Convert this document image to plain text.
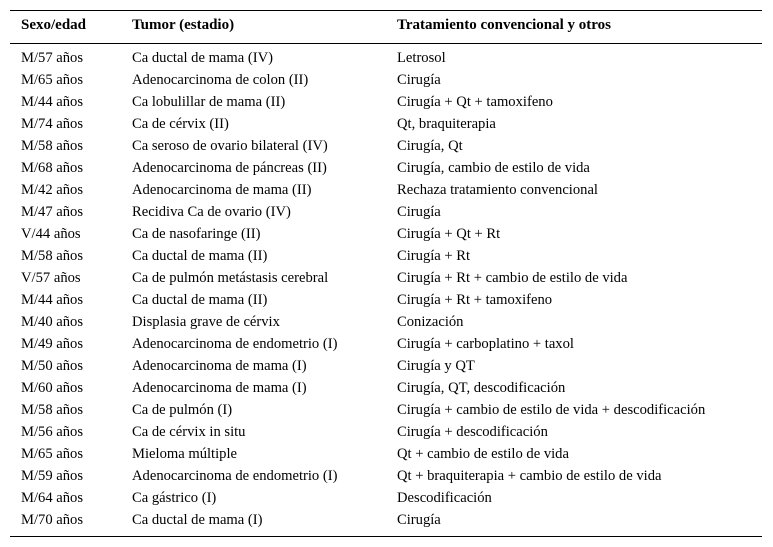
Sexo/edad	Tumor (estadio)	Tratamiento convencional y otros
M/57 años	Ca ductal de mama (IV)	Letrosol
M/65 años	Adenocarcinoma de colon (II)	Cirugía
M/44 años	Ca lobulillar de mama (II)	Cirugía + Qt + tamoxifeno
M/74 años	Ca de cérvix (II)	Qt, braquiterapia
M/58 años	Ca seroso de ovario bilateral (IV)	Cirugía, Qt
M/68 años	Adenocarcinoma de páncreas (II)	Cirugía, cambio de estilo de vida
M/42 años	Adenocarcinoma de mama (II)	Rechaza tratamiento convencional
M/47 años	Recidiva Ca de ovario (IV)	Cirugía
V/44 años	Ca de nasofaringe (II)	Cirugía + Qt + Rt
M/58 años	Ca ductal de mama (II)	Cirugía + Rt
V/57 años	Ca de pulmón metástasis cerebral	Cirugía + Rt + cambio de estilo de vida
M/44 años	Ca ductal de mama (II)	Cirugía + Rt + tamoxifeno
M/40 años	Displasia grave de cérvix	Conización
M/49 años	Adenocarcinoma de endometrio (I)	Cirugía + carboplatino + taxol
M/50 años	Adenocarcinoma de mama (I)	Cirugía y QT
M/60 años	Adenocarcinoma de mama (I)	Cirugía, QT, descodificación
M/58 años	Ca de pulmón (I)	Cirugía + cambio de estilo de vida + descodificación
M/56 años	Ca de cérvix in situ	Cirugía + descodificación
M/65 años	Mieloma múltiple	Qt + cambio de estilo de vida
M/59 años	Adenocarcinoma de endometrio (I)	Qt + braquiterapia + cambio de estilo de vida
M/64 años	Ca gástrico (I)	Descodificación
M/70 años	Ca ductal de mama (I)	Cirugía
